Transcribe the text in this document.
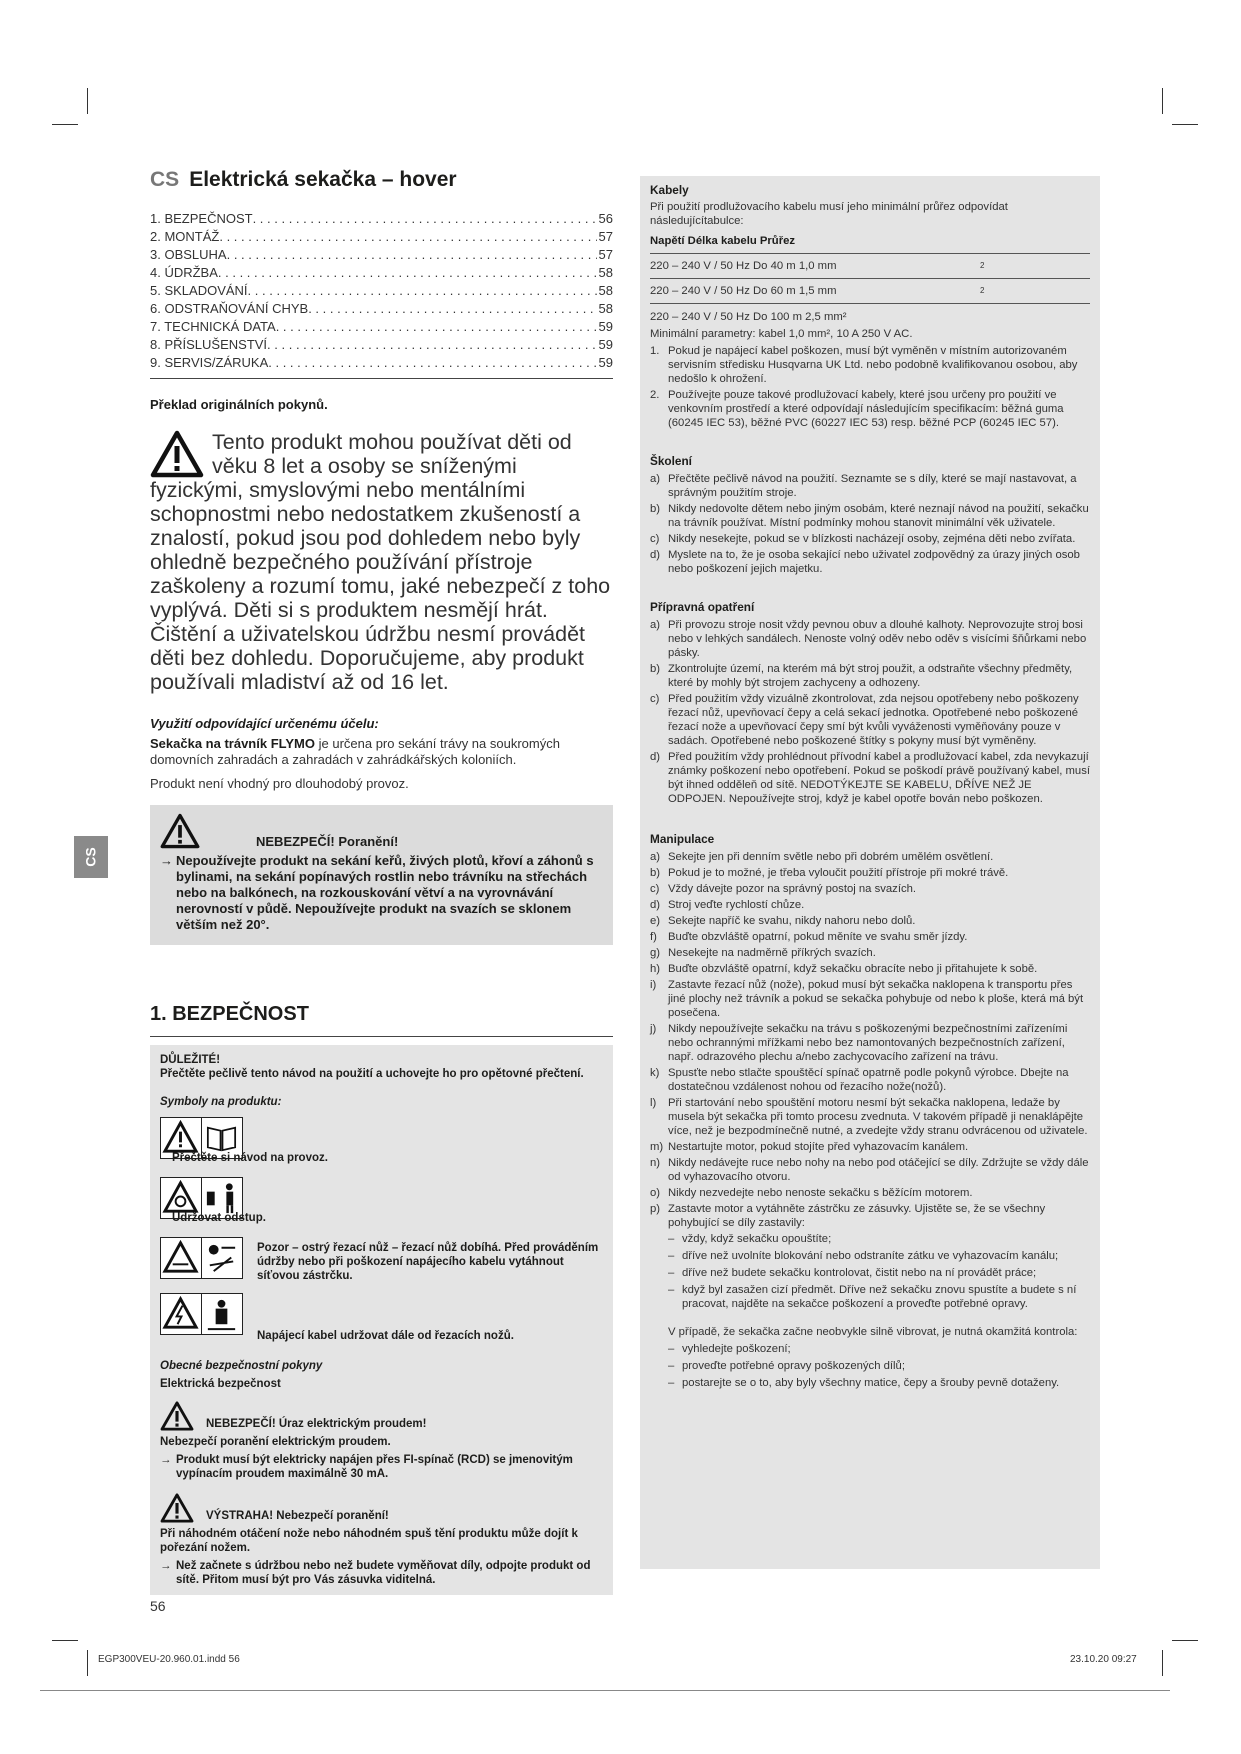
CS
CS Elektrická sekačka – hover
1. BEZPEČNOST . . .	56
2. MONTÁŽ . . .	57
3. OBSLUHA . . .	57
4. ÚDRŽBA . . .	58
5. SKLADOVÁNÍ . . .	58
6. ODSTRAŇOVÁNÍ CHYB . . .	58
7. TECHNICKÁ DATA . . .	59
8. PŘÍSLUŠENSTVÍ . . .	59
9. SERVIS/ZÁRUKA . . .	59
Překlad originálních pokynů.
Tento produkt mohou používat děti od věku 8 let a osoby se sníženými fyzickými, smyslovými nebo mentálními schopnostmi nebo nedostatkem zkušeností a znalostí, pokud jsou pod dohledem nebo byly ohledně bezpečného používání přístroje zaškoleny a rozumí tomu, jaké nebezpečí z toho vyplývá. Děti si s produktem nesmějí hrát. Čištění a uživatelskou údržbu nesmí provádět děti bez dohledu. Doporučujeme, aby produkt používali mladiství až od 16 let.
Využití odpovídající určenému účelu:
Sekačka na trávník FLYMO je určena pro sekání trávy na soukromých domovních zahradách a zahradách v zahrádkářských koloniích.
Produkt není vhodný pro dlouhodobý provoz.
NEBEZPEČÍ! Poranění!
→ Nepoužívejte produkt na sekání keřů, živých plotů, křoví a záhonů s bylinami, na sekání popínavých rostlin nebo trávníku na střechách nebo na balkónech, na rozkouskování větví a na vyrovnávání nerovností v půdě. Nepoužívejte produkt na svazích se sklonem větším než 20°.
1. BEZPEČNOST
DŮLEŽITÉ!
Přečtěte pečlivě tento návod na použití a uchovejte ho pro opětovné přečtení.
Symboly na produktu:
Přečtěte si návod na provoz.
Udržovat odstup.
Pozor – ostrý řezací nůž – řezací nůž dobíhá. Před prováděním údržby nebo při poškození napájecího kabelu vytáhnout síťovou zástrčku.
Napájecí kabel udržovat dále od řezacích nožů.
Obecné bezpečnostní pokyny
Elektrická bezpečnost
NEBEZPEČÍ! Úraz elektrickým proudem!
Nebezpečí poranění elektrickým proudem.
→ Produkt musí být elektricky napájen přes FI-spínač (RCD) se jmenovitým vypínacím proudem maximálně 30 mA.
VÝSTRAHA! Nebezpečí poranění!
Při náhodném otáčení nože nebo náhodném spuš tění produktu může dojít k pořezání nožem.
→ Než začnete s údržbou nebo než budete vyměňovat díly, odpojte produkt od sítě. Přitom musí být pro Vás zásuvka viditelná.
Kabely
Při použití prodlužovacího kabelu musí jeho minimální průřez odpovídat následujícítabulce:
Napětí Délka kabelu Průřez
220 – 240 V / 50 Hz Do 40 m 1,0 mm	2
220 – 240 V / 50 Hz Do 60 m 1,5 mm	2
220 – 240 V / 50 Hz Do 100 m 2,5 mm²
Minimální parametry: kabel 1,0 mm², 10 A 250 V AC.
1. Pokud je napájecí kabel poškozen, musí být vyměněn v místním autorizovaném servisním středisku Husqvarna UK Ltd. nebo podobně kvalifikovanou osobou, aby nedošlo k ohrožení.
2. Používejte pouze takové prodlužovací kabely, které jsou určeny pro použití ve venkovním prostředí a které odpovídají následujícím specifikacím: běžná guma (60245 IEC 53), běžné PVC (60227 IEC 53) resp. běžné PCP (60245 IEC 57).
Školení
a) Přečtěte pečlivě návod na použití. Seznamte se s díly, které se mají nastavovat, a správným použitím stroje.
b) Nikdy nedovolte dětem nebo jiným osobám, které neznají návod na použití, sekačku na trávník používat. Místní podmínky mohou stanovit minimální věk uživatele.
c) Nikdy nesekejte, pokud se v blízkosti nacházejí osoby, zejména děti nebo zvířata.
d) Myslete na to, že je osoba sekající nebo uživatel zodpovědný za úrazy jiných osob nebo poškození jejich majetku.
Přípravná opatření
a) Při provozu stroje nosit vždy pevnou obuv a dlouhé kalhoty. Neprovozujte stroj bosi nebo v lehkých sandálech. Nenoste volný oděv nebo oděv s visícími šňůrkami nebo pásky.
b) Zkontrolujte území, na kterém má být stroj použit, a odstraňte všechny předměty, které by mohly být strojem zachyceny a odhozeny.
c) Před použitím vždy vizuálně zkontrolovat, zda nejsou opotřebeny nebo poškozeny řezací nůž, upevňovací čepy a celá sekací jednotka. Opotřebené nebo poškozené řezací nože a upevňovací čepy smí být kvůli vyváženosti vyměňovány pouze v sadách. Opotřebené nebo poškozené štítky s pokyny musí být vyměněny.
d) Před použitím vždy prohlédnout přívodní kabel a prodlužovací kabel, zda nevykazují známky poškození nebo opotřebení. Pokud se poškodí právě používaný kabel, musí být ihned odděleň od sítě. NEDOTÝKEJTE SE KABELU, DŘÍVE NEŽ JE ODPOJEN. Nepoužívejte stroj, když je kabel opotře bován nebo poškozen.
Manipulace
a) Sekejte jen při denním světle nebo při dobrém umělém osvětlení.
b) Pokud je to možné, je třeba vyloučit použití přístroje při mokré trávě.
c) Vždy dávejte pozor na správný postoj na svazích.
d) Stroj veďte rychlostí chůze.
e) Sekejte napříč ke svahu, nikdy nahoru nebo dolů.
f) Buďte obzvláště opatrní, pokud měníte ve svahu směr jízdy.
g) Nesekejte na nadměrně příkrých svazích.
h) Buďte obzvláště opatrní, když sekačku obracíte nebo ji přitahujete k sobě.
i)	Zastavte řezací nůž (nože), pokud musí být sekačka naklopena k transportu přes jiné plochy než trávník a pokud se sekačka pohybuje od nebo k ploše, která má být posečena.
j)	Nikdy nepoužívejte sekačku na trávu s poškozenými bezpečnostními zařízeními nebo ochrannými mřížkami nebo bez namontovaných bezpečnostních zařízení, např. odrazového plechu a/nebo zachycovacího zařízení na trávu.
k) Spusťte nebo stlačte spouštěcí spínač opatrně podle pokynů výrobce. Dbejte na dostatečnou vzdálenost nohou od řezacího nože(nožů).
l)	Při startování nebo spouštění motoru nesmí být sekačka naklopena, ledaže by musela být sekačka při tomto procesu zvednuta. V takovém případě ji nenaklápějte více, než je bezpodmínečně nutné, a zvedejte vždy stranu odvrácenou od uživatele.
m) Nestartujte motor, pokud stojíte před vyhazovacím kanálem.
n) Nikdy nedávejte ruce nebo nohy na nebo pod otáčející se díly. Zdržujte se vždy dále od vyhazovacího otvoru.
o) Nikdy nezvedejte nebo nenoste sekačku s běžícím motorem.
p) Zastavte motor a vytáhněte zástrčku ze zásuvky. Ujistěte se, že se všechny pohybující se díly zastavily:
– vždy, když sekačku opouštíte;
– dříve než uvolníte blokování nebo odstraníte zátku ve vyhazovacím kanálu;
– dříve než budete sekačku kontrolovat, čistit nebo na ní provádět práce;
– když byl zasažen cizí předmět. Dříve než sekačku znovu spustíte a budete s ní pracovat, najděte na sekačce poškození a proveďte potřebné opravy.
V případě, že sekačka začne neobvykle silně vibrovat, je nutná okamžitá kontrola:
– vyhledejte poškození;
– proveďte potřebné opravy poškozených dílů;
– postarejte se o to, aby byly všechny matice, čepy a šrouby pevně dotaženy.
56
EGP300VEU-20.960.01.indd 56	23.10.20 09:27
